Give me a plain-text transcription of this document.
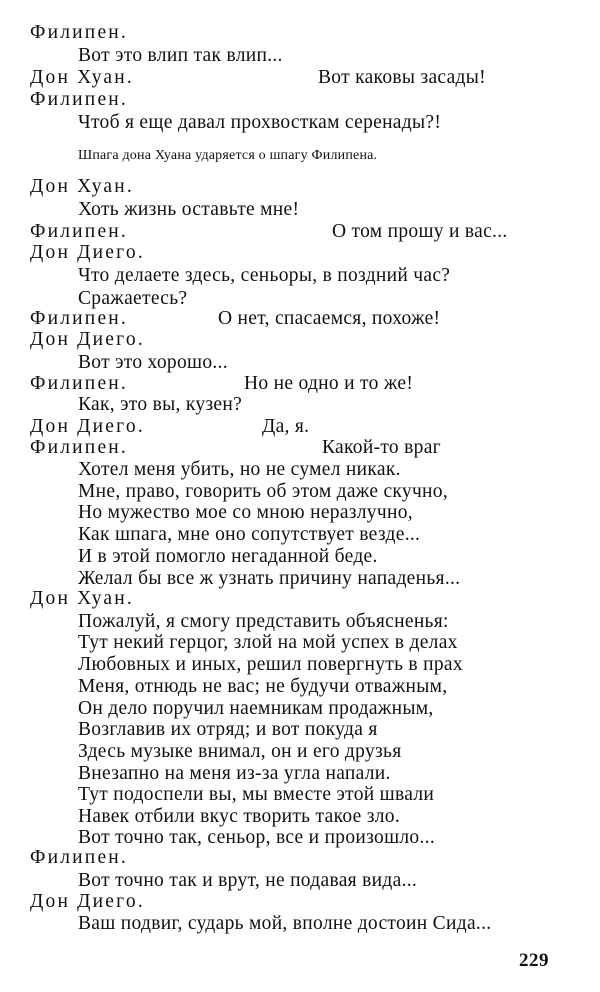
Филипен.
Вот это влип так влип...
Дон Хуан.	Вот каковы засады!
Филипен.
Чтоб я еще давал прохвосткам серенады?!
Шпага дона Хуана ударяется о шпагу Филипена.
Дон Хуан.
Хоть жизнь оставьте мне!
Филипен.	О том прошу и вас...
Дон Диего.
Что делаете здесь, сеньоры, в поздний час?
Сражаетесь?
Филипен.	О нет, спасаемся, похоже!
Дон Диего.
Вот это хорошо...
Филипен.	Но не одно и то же!
Как, это вы, кузен?
Дон Диего.	Да, я.
Филипен.	Какой-то враг
Хотел меня убить, но не сумел никак.
Мне, право, говорить об этом даже скучно,
Но мужество мое со мною неразлучно,
Как шпага, мне оно сопутствует везде...
И в этой помогло негаданной беде.
Желал бы все ж узнать причину нападенья...
Дон Хуан.
Пожалуй, я смогу представить объясненья:
Тут некий герцог, злой на мой успех в делах
Любовных и иных, решил повергнуть в прах
Меня, отнюдь не вас; не будучи отважным,
Он дело поручил наемникам продажным,
Возглавив их отряд; и вот покуда я
Здесь музыке внимал, он и его друзья
Внезапно на меня из-за угла напали.
Тут подоспели вы, мы вместе этой швали
Навек отбили вкус творить такое зло.
Вот точно так, сеньор, все и произошло...
Филипен.
Вот точно так и врут, не подавая вида...
Дон Диего.
Ваш подвиг, сударь мой, вполне достоин Сида...
229
